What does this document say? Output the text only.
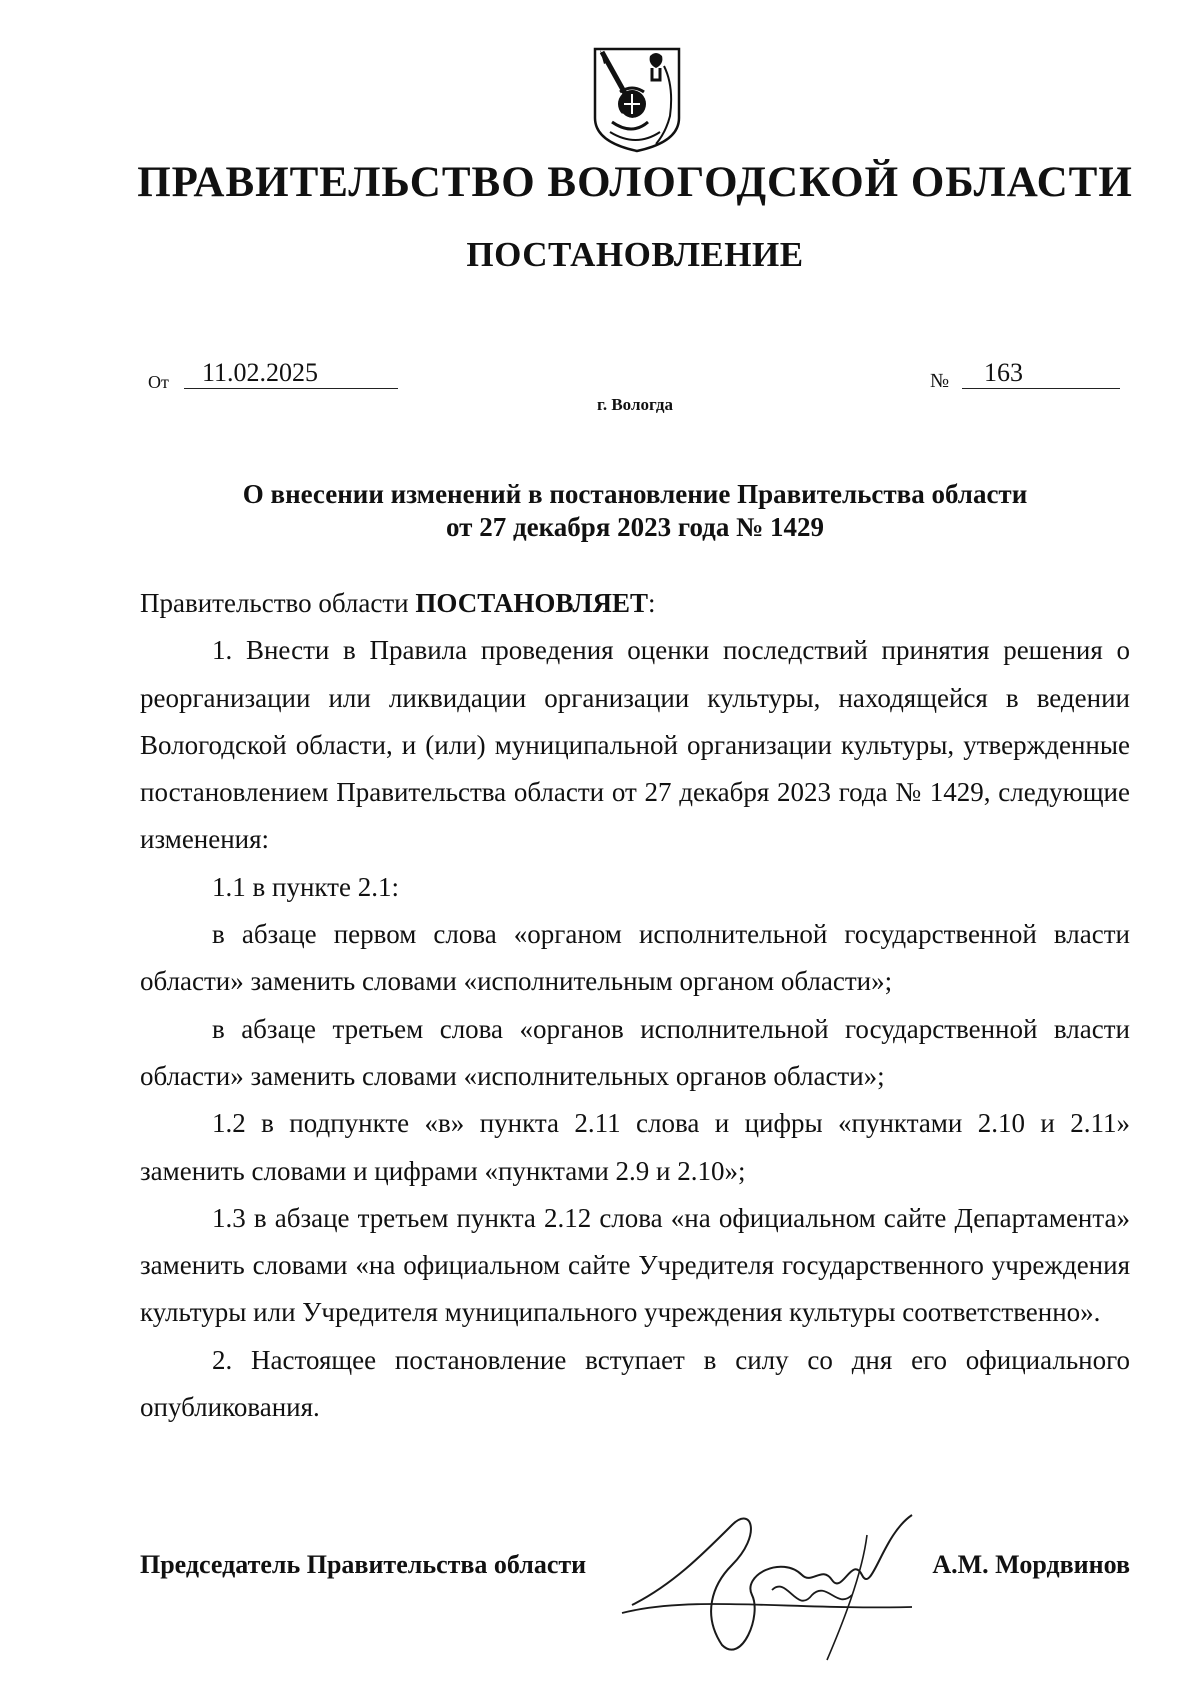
ПРАВИТЕЛЬСТВО ВОЛОГОДСКОЙ ОБЛАСТИ
ПОСТАНОВЛЕНИЕ
От	11.02.2025	№	163
г. Вологда
О внесении изменений в постановление Правительства области
от 27 декабря 2023 года № 1429

Правительство области ПОСТАНОВЛЯЕТ:

1. Внести в Правила проведения оценки последствий принятия решения о реорганизации или ликвидации организации культуры, находящейся в ведении Вологодской области, и (или) муниципальной организации культуры, утвержденные постановлением Правительства области от 27 декабря 2023 года № 1429, следующие изменения:

1.1 в пункте 2.1:

в абзаце первом слова «органом исполнительной государственной власти области» заменить словами «исполнительным органом области»;

в абзаце третьем слова «органов исполнительной государственной власти области» заменить словами «исполнительных органов области»;

1.2 в подпункте «в» пункта 2.11 слова и цифры «пунктами 2.10 и 2.11» заменить словами и цифрами «пунктами 2.9 и 2.10»;

1.3 в абзаце третьем пункта 2.12 слова «на официальном сайте Департамента» заменить словами «на официальном сайте Учредителя государственного учреждения культуры или Учредителя муниципального учреждения культуры соответственно».

2. Настоящее постановление вступает в силу со дня его официального опубликования.

Председатель Правительства области	А.М. Мордвинов
